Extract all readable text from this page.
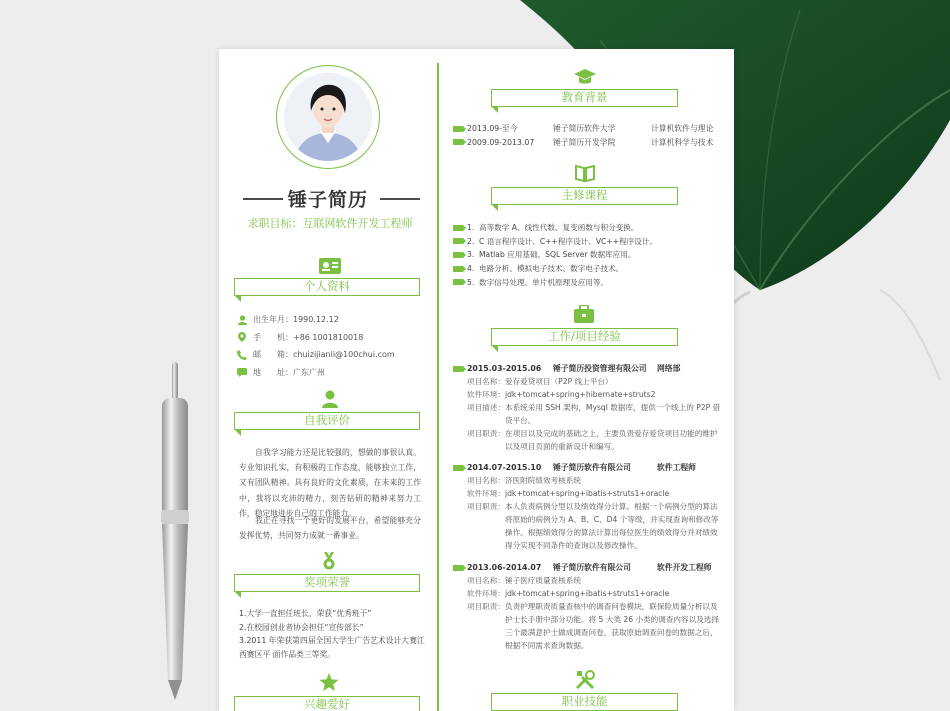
锤子简历
求职目标：互联网软件开发工程师
个人资料
出生年月： 1990.12.12
手　　机： +86 1001810018
邮　　箱： chuizijianli@100chui.com
地　　址： 广东广州
自我评价
自我学习能力还是比较强的，想做的事很认真。专业知识扎实，有积极的工作态度，能够独立工作，又有团队精神。具有良好的文化素质，在未来的工作中，我将以充沛的精力，刻苦钻研的精神来努力工作，稳定地进步自己的工作能力。
我正在寻找一个更好的发展平台，希望能够充分发挥优势，共同努力成就一番事业。
奖项荣誉
1.大学一直担任班长，荣获“优秀班干”
2.在校园创业者协会担任“宣传部长”
3.2011 年荣获第四届全国大学生广告艺术设计大赛江西赛区平 面作品类三等奖。
兴趣爱好
教育背景
2013.09-至今	锤子简历软件大学	计算机软件与理论
2009.09-2013.07	锤子简历开发学院	计算机科学与技术
主修课程
1. 高等数学 A、线性代数、复变函数与积分变换。
2. C 语言程序设计、C++程序设计、VC++程序设计。
3. Matlab 应用基础、SQL Server 数据库应用。
4. 电路分析、模拟电子技术、数字电子技术。
5. 数字信号处理、单片机原理及应用等。
工作/项目经验
2015.03-2015.06	锤子简历投资管理有限公司	网络部
项目名称： 爱存爱贷项目（P2P 线上平台）
软件环境： jdk+tomcat+spring+hibernate+struts2
项目描述： 本系统采用 SSH 架构，Mysql 数据库，提供一个线上的 P2P 借贷平台。
项目职责： 在项目以及完成的基础之上，主要负责爱存爱贷项目功能的维护以及项目页面的重新设计和编写。
2014.07-2015.10	锤子简历软件有限公司	软件工程师
项目名称： 济医附院绩效考核系统
软件环境： jdk+tomcat+spring+ibatis+struts1+oracle
项目职责： 本人负责病例分型以及绩效得分计算。根据一个病例分型的算法将原始的病例分为 A、B、C、D4 个等级，并实现查询和修改等操作。根据绩效得分的算法计算出每位医生的绩效得分并对绩效得分实现不同条件的查询以及修改操作。
2013.06-2014.07	锤子简历软件有限公司	软件开发工程师
项目名称： 锤子医疗质量查核系统
软件环境： jdk+tomcat+spring+ibatis+struts1+oracle
项目职责： 负责护理职责质量查核中的调查问卷模块，联保险质量分析以及护士长手册中部分功能。将 5 大类 26 小类的调查内容以及选择三个最满意护士做成调查问卷，获取原始调查问卷的数据之后，根据不同需求查询数据。
职业技能
